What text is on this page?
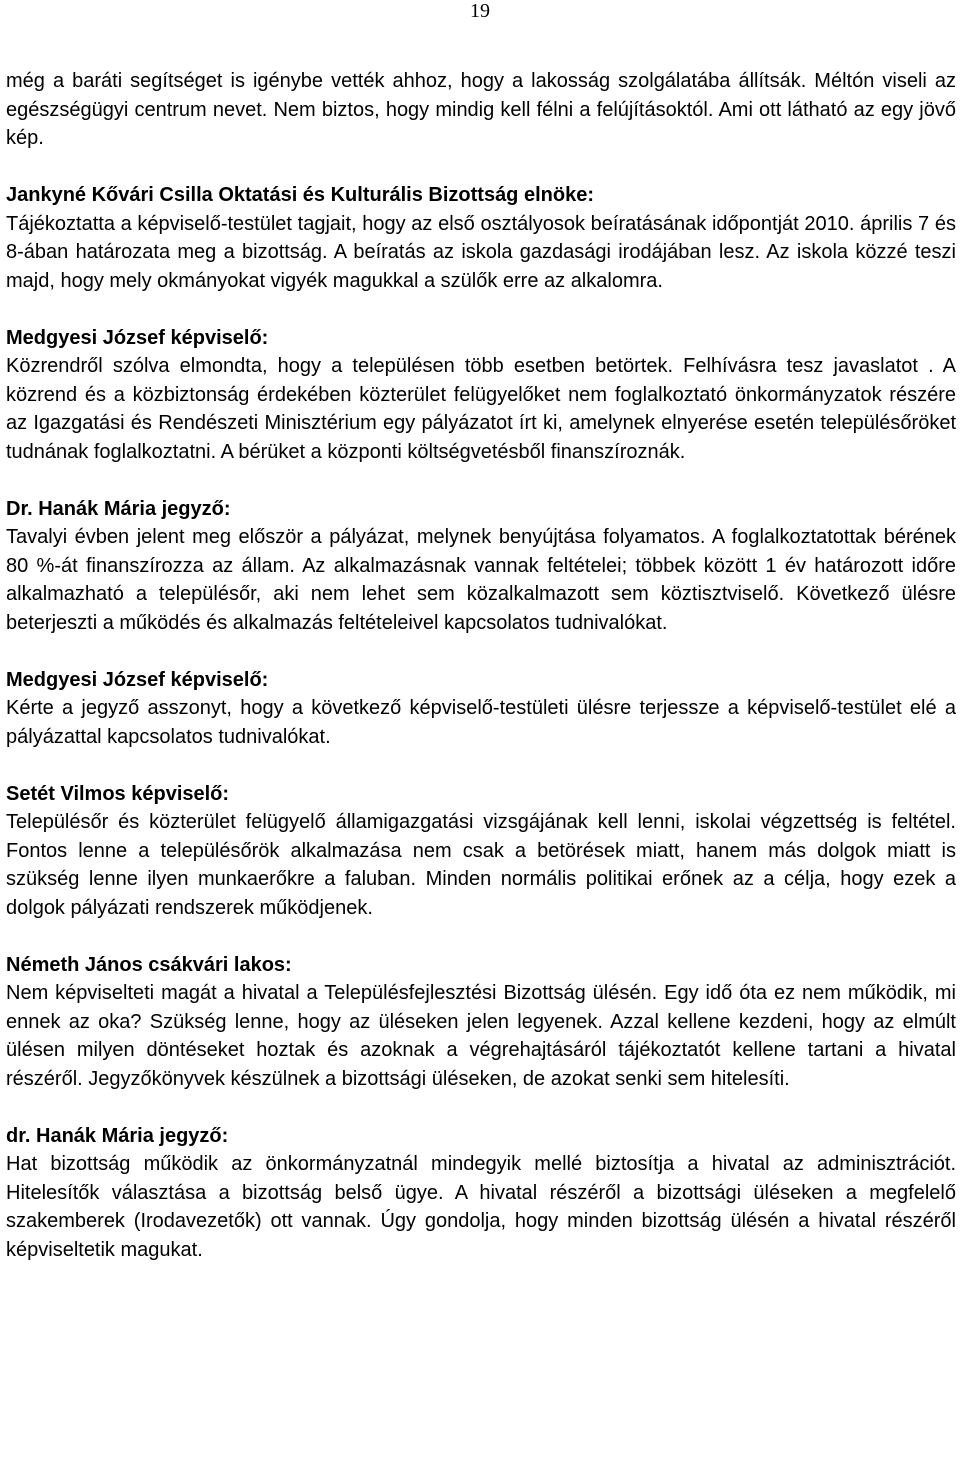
19
még a baráti segítséget is igénybe vették ahhoz, hogy a lakosság szolgálatába állítsák. Méltón viseli az egészségügyi centrum nevet. Nem biztos, hogy mindig kell félni a felújításoktól. Ami ott látható az egy jövő kép.
Jankyné Kővári Csilla Oktatási és Kulturális Bizottság elnöke:
Tájékoztatta a képviselő-testület tagjait, hogy az első osztályosok beíratásának időpontját 2010. április 7 és 8-ában határozata meg a bizottság. A beíratás az iskola gazdasági irodájában lesz. Az iskola közzé teszi majd, hogy mely okmányokat vigyék magukkal a szülők erre az alkalomra.
Medgyesi József képviselő:
Közrendről szólva elmondta, hogy a településen több esetben betörtek. Felhívásra tesz javaslatot . A közrend és a közbiztonság érdekében közterület felügyelőket nem foglalkoztató önkormányzatok részére az Igazgatási és Rendészeti Minisztérium egy pályázatot írt ki, amelynek elnyerése esetén településőröket tudnának foglalkoztatni. A bérüket a központi költségvetésből finanszíroznák.
Dr. Hanák Mária jegyző:
Tavalyi évben jelent meg először a pályázat, melynek benyújtása folyamatos. A foglalkoztatottak bérének 80 %-át finanszírozza az állam. Az alkalmazásnak vannak feltételei; többek között 1 év határozott időre alkalmazható a településőr, aki nem lehet sem közalkalmazott sem köztisztviselő. Következő ülésre beterjeszti a működés és alkalmazás feltételeivel kapcsolatos tudnivalókat.
Medgyesi József képviselő:
Kérte a jegyző asszonyt, hogy a következő képviselő-testületi ülésre terjessze a képviselő-testület elé a pályázattal kapcsolatos tudnivalókat.
Setét Vilmos képviselő:
Településőr és közterület felügyelő államigazgatási vizsgájának kell lenni, iskolai végzettség is feltétel. Fontos lenne a településőrök alkalmazása nem csak a betörések miatt, hanem más dolgok miatt is szükség lenne ilyen munkaerőkre a faluban. Minden normális politikai erőnek az a célja, hogy ezek a dolgok pályázati rendszerek működjenek.
Németh János csákvári lakos:
Nem képviselteti magát a hivatal a Településfejlesztési Bizottság ülésén. Egy idő óta ez nem működik, mi ennek az oka? Szükség lenne, hogy az üléseken jelen legyenek. Azzal kellene kezdeni, hogy az elmúlt ülésen milyen döntéseket hoztak és azoknak a végrehajtásáról tájékoztatót kellene tartani a hivatal részéről. Jegyzőkönyvek készülnek a bizottsági üléseken, de azokat senki sem hitelesíti.
dr. Hanák Mária jegyző:
Hat bizottság működik az önkormányzatnál mindegyik mellé biztosítja a hivatal az adminisztrációt. Hitelesítők választása a bizottság belső ügye. A hivatal részéről a bizottsági üléseken a megfelelő szakemberek (Irodavezetők) ott vannak. Úgy gondolja, hogy minden bizottság ülésén a hivatal részéről képviseltetik magukat.
